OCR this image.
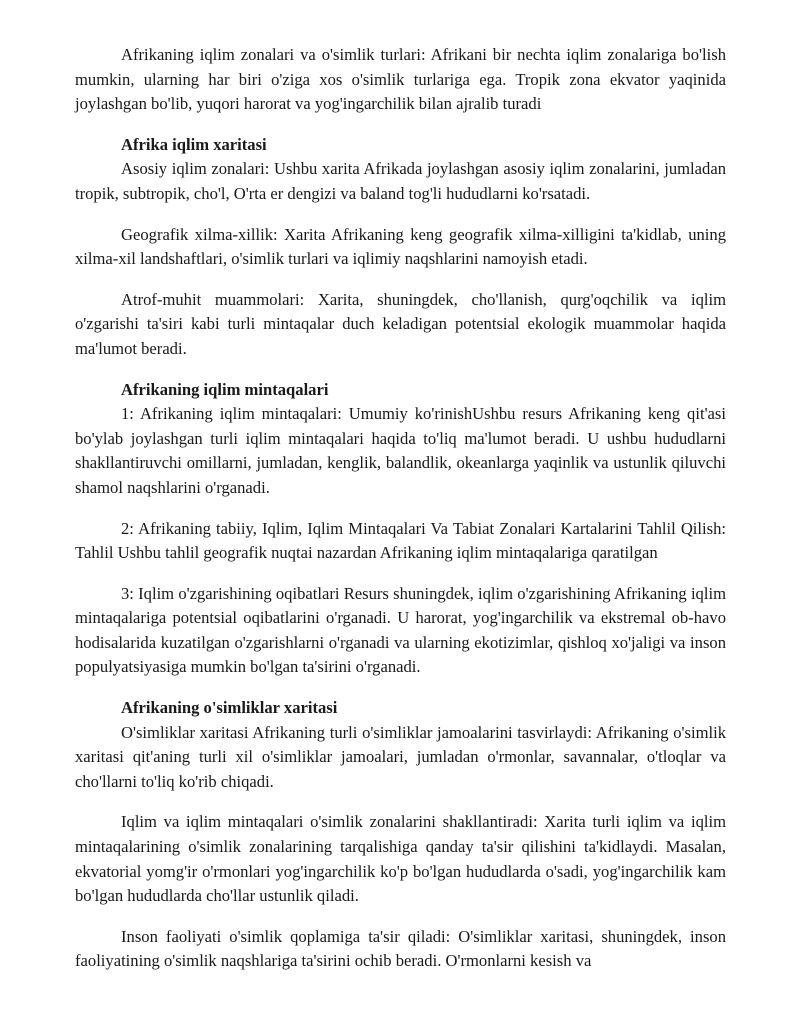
Afrikaning iqlim zonalari va o'simlik turlari: Afrikani bir nechta iqlim zonalariga bo'lish mumkin, ularning har biri o'ziga xos o'simlik turlariga ega. Tropik zona ekvator yaqinida joylashgan bo'lib, yuqori harorat va yog'ingarchilik bilan ajralib turadi

Afrika iqlim xaritasi

Asosiy iqlim zonalari: Ushbu xarita Afrikada joylashgan asosiy iqlim zonalarini, jumladan tropik, subtropik, cho'l, O'rta er dengizi va baland tog'li hududlarni ko'rsatadi.

Geografik xilma-xillik: Xarita Afrikaning keng geografik xilma-xilligini ta'kidlab, uning xilma-xil landshaftlari, o'simlik turlari va iqlimiy naqshlarini namoyish etadi.

Atrof-muhit muammolari: Xarita, shuningdek, cho'llanish, qurg'oqchilik va iqlim o'zgarishi ta'siri kabi turli mintaqalar duch keladigan potentsial ekologik muammolar haqida ma'lumot beradi.

Afrikaning iqlim mintaqalari

1: Afrikaning iqlim mintaqalari: Umumiy ko'rinishUshbu resurs Afrikaning keng qit'asi bo'ylab joylashgan turli iqlim mintaqalari haqida to'liq ma'lumot beradi. U ushbu hududlarni shakllantiruvchi omillarni, jumladan, kenglik, balandlik, okeanlarga yaqinlik va ustunlik qiluvchi shamol naqshlarini o'rganadi.

2: Afrikaning tabiiy, Iqlim, Iqlim Mintaqalari Va Tabiat Zonalari Kartalarini Tahlil Qilish: Tahlil Ushbu tahlil geografik nuqtai nazardan Afrikaning iqlim mintaqalariga qaratilgan

3: Iqlim o'zgarishining oqibatlari Resurs shuningdek, iqlim o'zgarishining Afrikaning iqlim mintaqalariga potentsial oqibatlarini o'rganadi. U harorat, yog'ingarchilik va ekstremal ob-havo hodisalarida kuzatilgan o'zgarishlarni o'rganadi va ularning ekotizimlar, qishloq xo'jaligi va inson populyatsiyasiga mumkin bo'lgan ta'sirini o'rganadi.

Afrikaning o'simliklar xaritasi

O'simliklar xaritasi Afrikaning turli o'simliklar jamoalarini tasvirlaydi: Afrikaning o'simlik xaritasi qit'aning turli xil o'simliklar jamoalari, jumladan o'rmonlar, savannalar, o'tloqlar va cho'llarni to'liq ko'rib chiqadi.

Iqlim va iqlim mintaqalari o'simlik zonalarini shakllantiradi: Xarita turli iqlim va iqlim mintaqalarining o'simlik zonalarining tarqalishiga qanday ta'sir qilishini ta'kidlaydi. Masalan, ekvatorial yomg'ir o'rmonlari yog'ingarchilik ko'p bo'lgan hududlarda o'sadi, yog'ingarchilik kam bo'lgan hududlarda cho'llar ustunlik qiladi.

Inson faoliyati o'simlik qoplamiga ta'sir qiladi: O'simliklar xaritasi, shuningdek, inson faoliyatining o'simlik naqshlariga ta'sirini ochib beradi. O'rmonlarni kesish va
